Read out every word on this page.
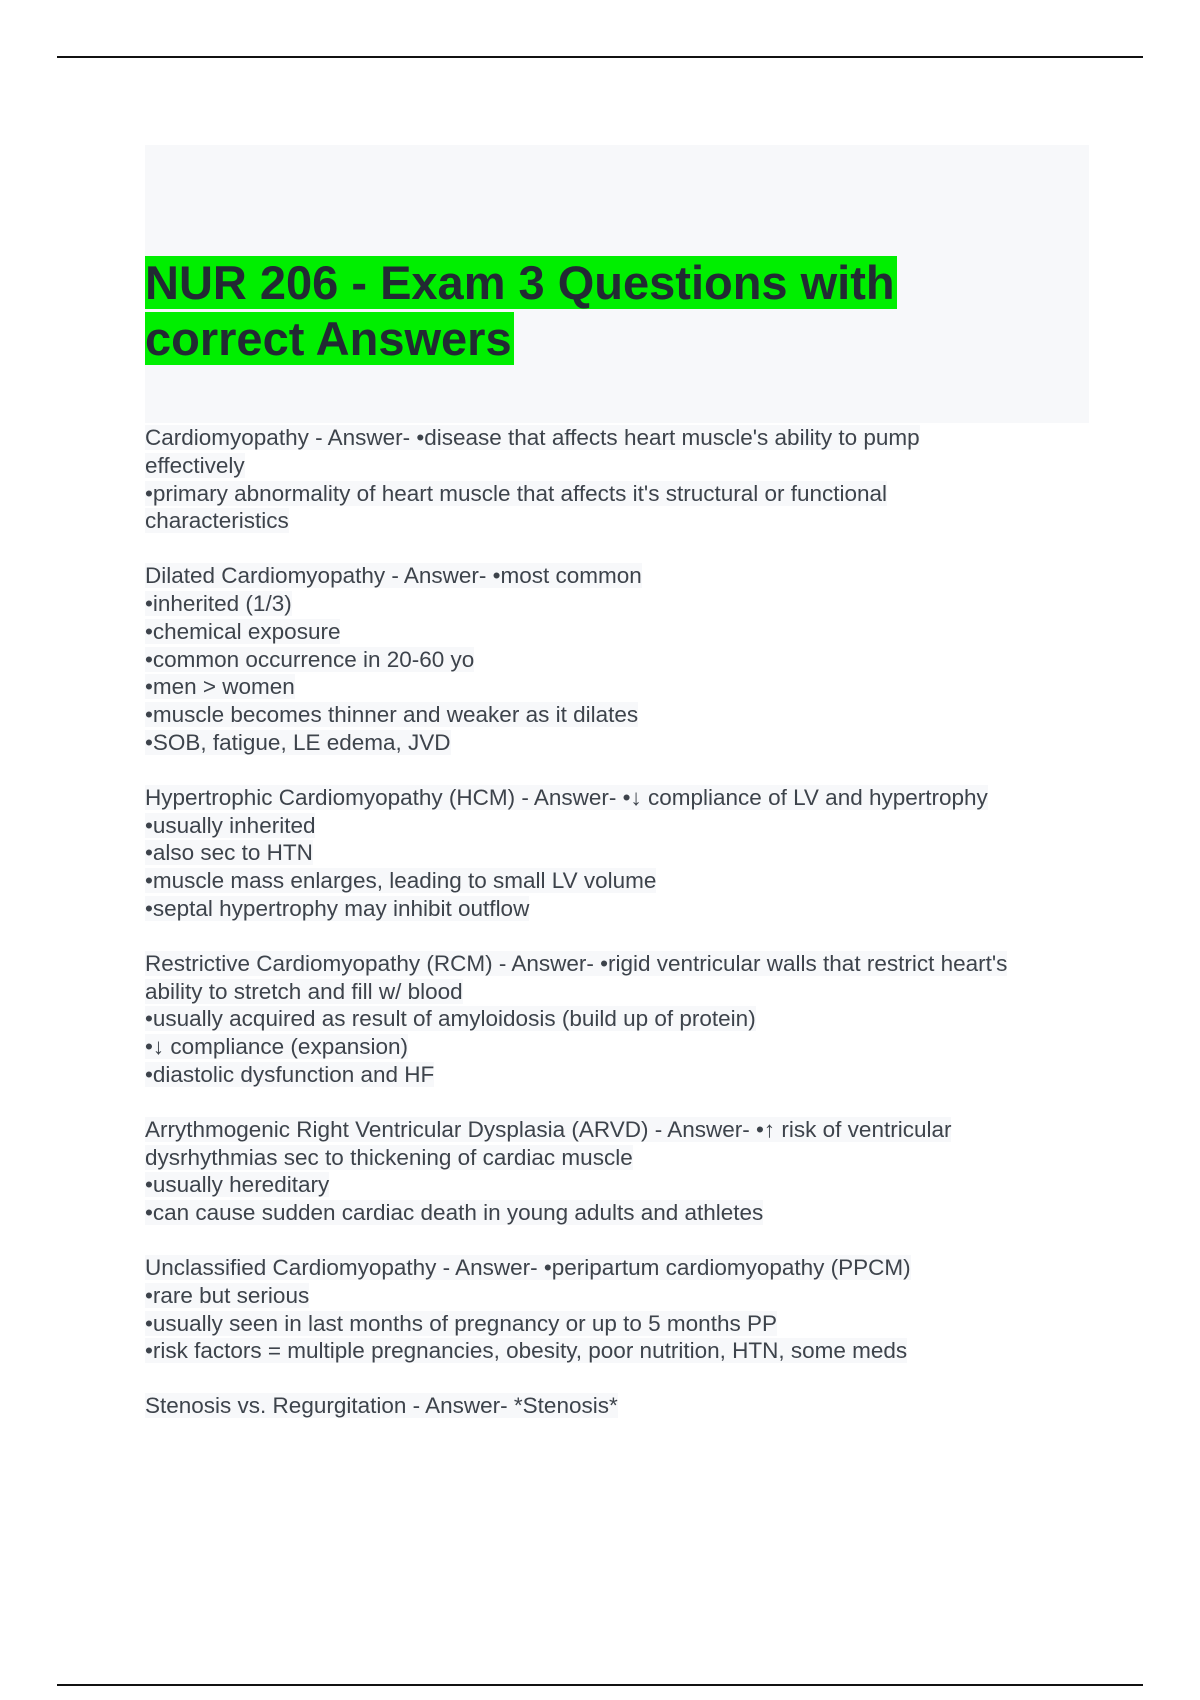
NUR 206 - Exam 3 Questions with
correct Answers
Cardiomyopathy - Answer- •disease that affects heart muscle's ability to pump
effectively
•primary abnormality of heart muscle that affects it's structural or functional
characteristics
Dilated Cardiomyopathy - Answer- •most common
•inherited (1/3)
•chemical exposure
•common occurrence in 20-60 yo
•men > women
•muscle becomes thinner and weaker as it dilates
•SOB, fatigue, LE edema, JVD
Hypertrophic Cardiomyopathy (HCM) - Answer- •↓ compliance of LV and hypertrophy
•usually inherited
•also sec to HTN
•muscle mass enlarges, leading to small LV volume
•septal hypertrophy may inhibit outflow
Restrictive Cardiomyopathy (RCM) - Answer- •rigid ventricular walls that restrict heart's
ability to stretch and fill w/ blood
•usually acquired as result of amyloidosis (build up of protein)
•↓ compliance (expansion)
•diastolic dysfunction and HF
Arrythmogenic Right Ventricular Dysplasia (ARVD) - Answer- •↑ risk of ventricular
dysrhythmias sec to thickening of cardiac muscle
•usually hereditary
•can cause sudden cardiac death in young adults and athletes
Unclassified Cardiomyopathy - Answer- •peripartum cardiomyopathy (PPCM)
•rare but serious
•usually seen in last months of pregnancy or up to 5 months PP
•risk factors = multiple pregnancies, obesity, poor nutrition, HTN, some meds
Stenosis vs. Regurgitation - Answer- *Stenosis*
